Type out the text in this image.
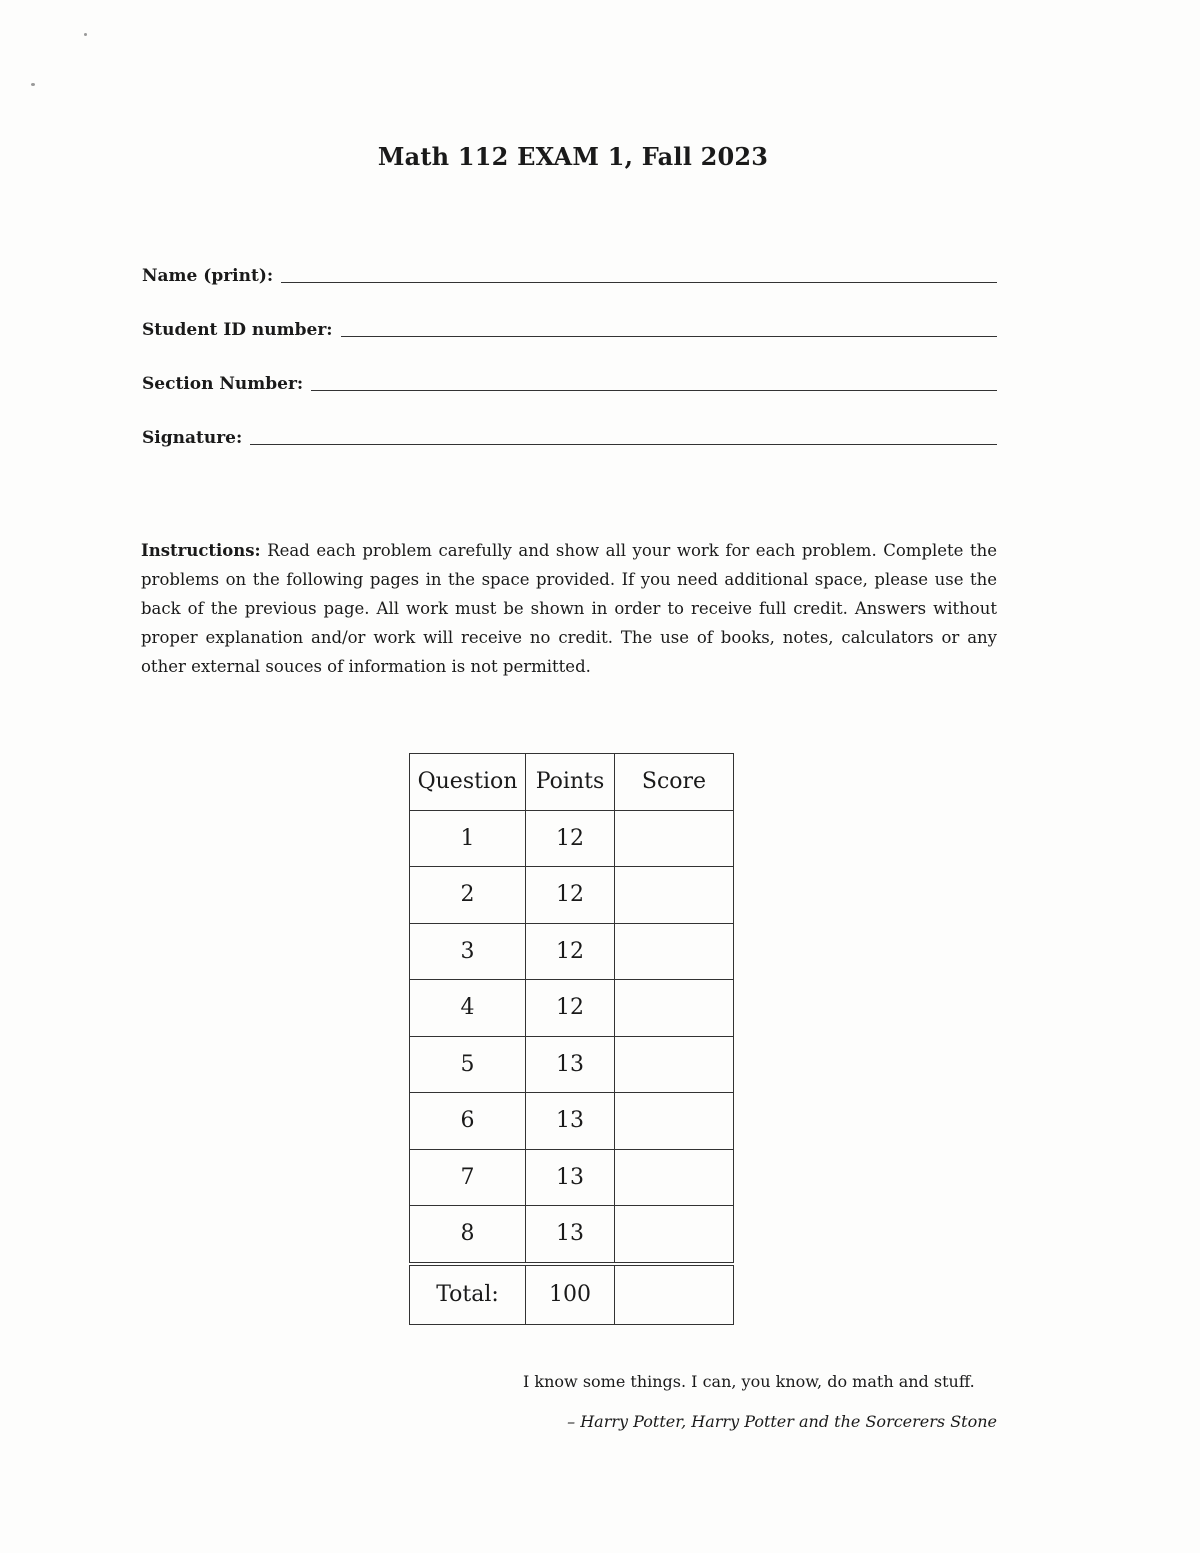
Math 112 EXAM 1, Fall 2023
Name (print):
Student ID number:
Section Number:
Signature:
Instructions: Read each problem carefully and show all your work for each problem. Complete the problems on the following pages in the space provided. If you need additional space, please use the back of the previous page. All work must be shown in order to receive full credit. Answers without proper explanation and/or work will receive no credit. The use of books, notes, calculators or any other external souces of information is not permitted.
Question	Points	Score
1	12	
2	12	
3	12	
4	12	
5	13	
6	13	
7	13	
8	13	
Total:	100	
I know some things. I can, you know, do math and stuff.
– Harry Potter, Harry Potter and the Sorcerers Stone
